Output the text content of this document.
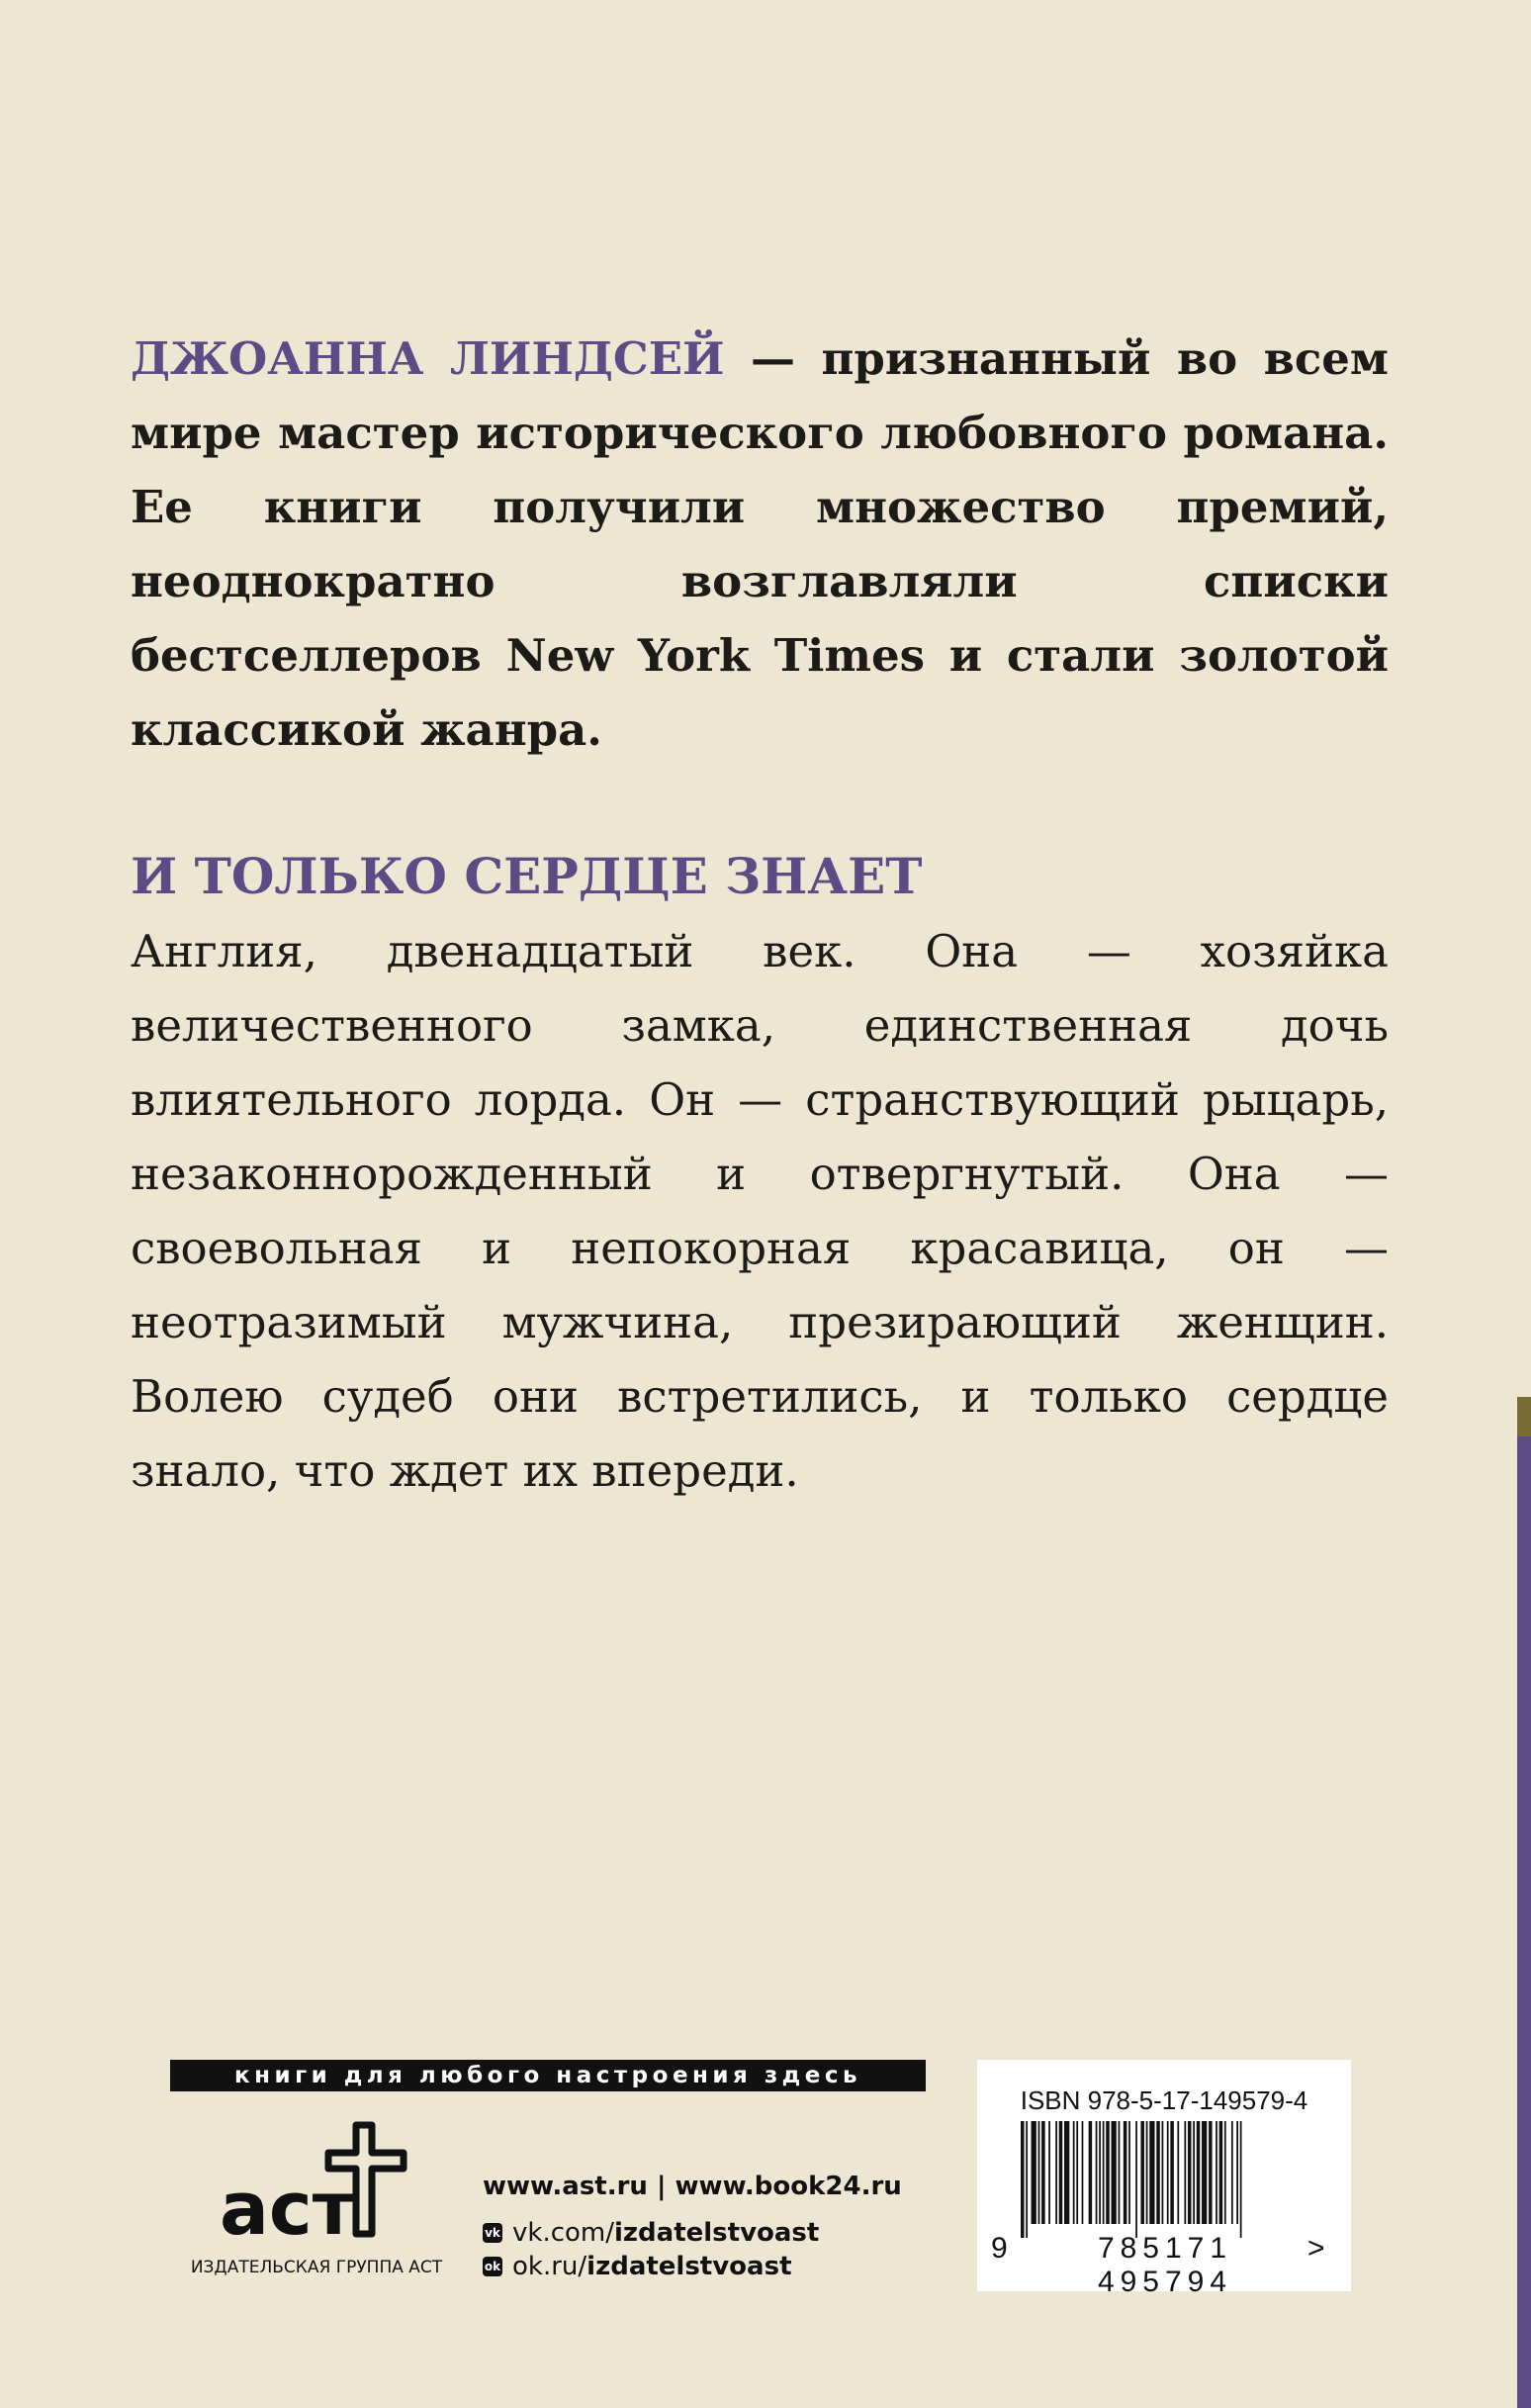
ДЖОАННА ЛИНДСЕЙ — признанный во всем мире мастер исторического любовного романа. Ее книги получили множество премий, неоднократно возглавляли списки бестселлеров New York Times и стали золотой классикой жанра.
И ТОЛЬКО СЕРДЦЕ ЗНАЕТ
Англия, двенадцатый век. Она — хозяйка величественного замка, единственная дочь влиятельного лорда. Он — странствующий рыцарь, незаконнорожденный и отвергнутый. Она — своевольная и непокорная красавица, он — неотразимый мужчина, презирающий женщин. Волею судеб они встретились, и только сердце знало, что ждет их впереди.
книги для любого настроения здесь
аст
ИЗДАТЕЛЬСКАЯ ГРУППА АСТ
www.ast.ru | www.book24.ru
vk vk.com/ izdatelstvoast
ok ok.ru/ izdatelstvoast
ISBN 978-5-17-149579-4
9	785171 495794
>
